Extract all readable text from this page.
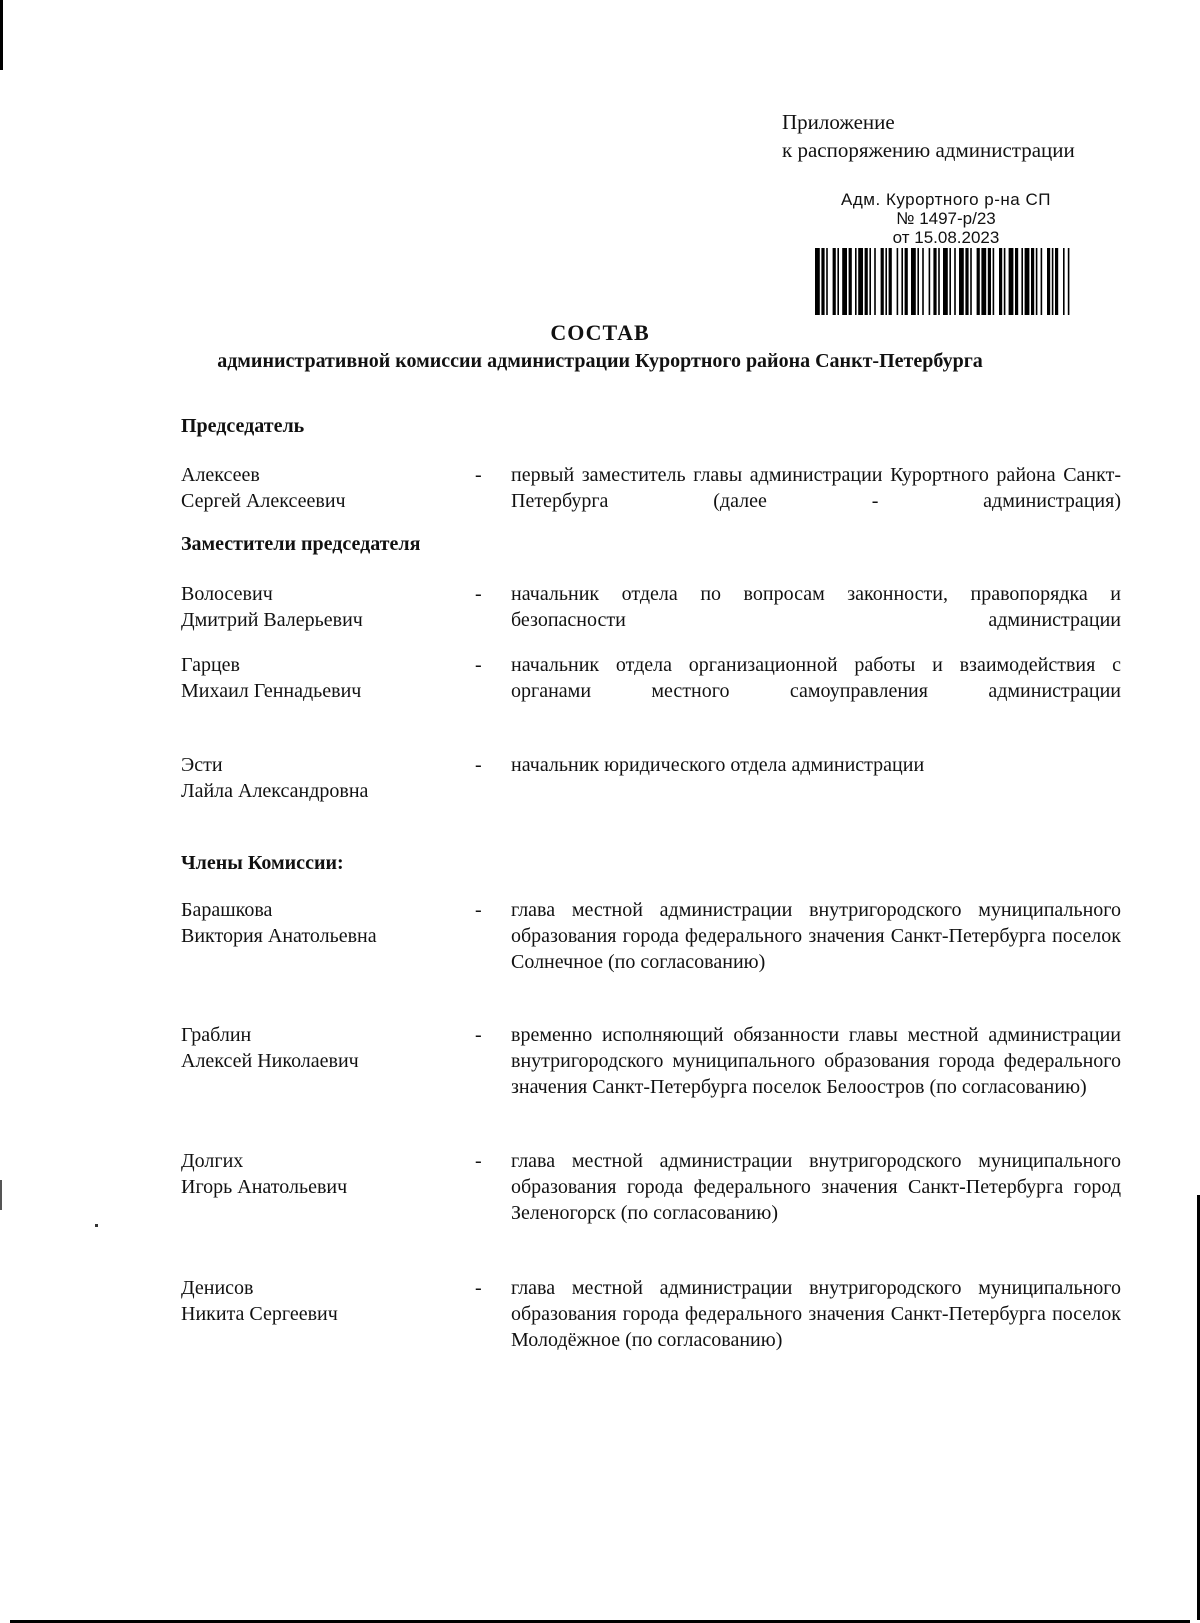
Приложение
к распоряжению администрации
Адм. Курортного р-на СП
№ 1497-р/23
от 15.08.2023
СОСТАВ
административной комиссии администрации Курортного района Санкт-Петербурга
Председатель
Алексеев
Сергей Алексеевич
- первый заместитель главы администрации Курортного района Санкт-Петербурга (далее - администрация)
Заместители председателя
Волосевич
Дмитрий Валерьевич
- начальник отдела по вопросам законности, правопорядка и безопасности администрации
Гарцев
Михаил Геннадьевич
- начальник отдела организационной работы и взаимодействия с органами местного самоуправления администрации
Эсти
Лайла Александровна
- начальник юридического отдела администрации
Члены Комиссии:
Барашкова
Виктория Анатольевна
- глава местной администрации внутригородского муниципального образования города федерального значения Санкт-Петербурга поселок Солнечное (по согласованию)
Граблин
Алексей Николаевич
- временно исполняющий обязанности главы местной администрации внутригородского муниципального образования города федерального значения Санкт-Петербурга поселок Белоостров (по согласованию)
Долгих
Игорь Анатольевич
- глава местной администрации внутригородского муниципального образования города федерального значения Санкт-Петербурга город Зеленогорск (по согласованию)
Денисов
Никита Сергеевич
- глава местной администрации внутригородского муниципального образования города федерального значения Санкт-Петербурга поселок Молодёжное (по согласованию)
